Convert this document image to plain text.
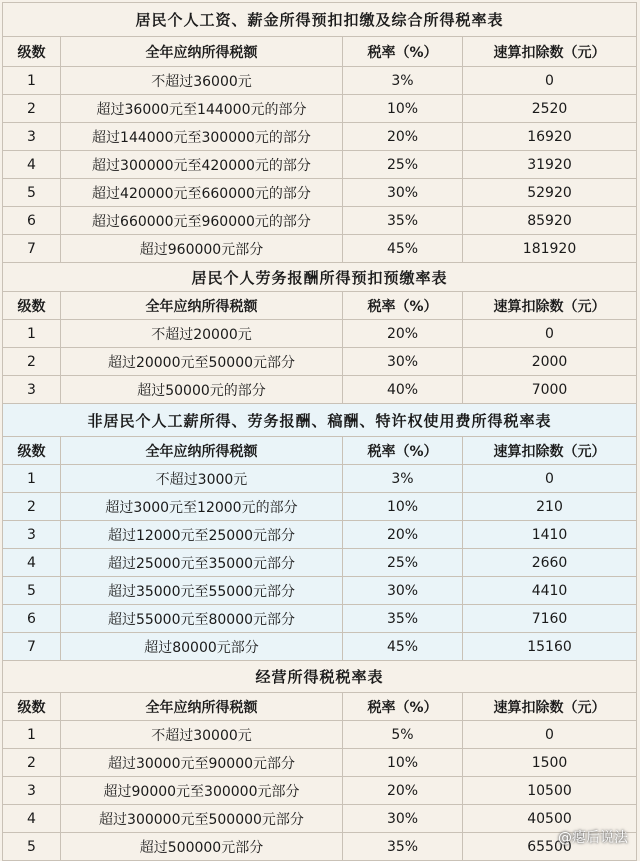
居民个人工资、薪金所得预扣扣缴及综合所得税率表			
级数	全年应纳所得税额	税率（%）	速算扣除数（元）
1	不超过36000元	3%	0
2	超过36000元至144000元的部分	10%	2520
3	超过144000元至300000元的部分	20%	16920
4	超过300000元至420000元的部分	25%	31920
5	超过420000元至660000元的部分	30%	52920
6	超过660000元至960000元的部分	35%	85920
7	超过960000元部分	45%	181920
居民个人劳务报酬所得预扣预缴率表			
级数	全年应纳所得税额	税率（%）	速算扣除数（元）
1	不超过20000元	20%	0
2	超过20000元至50000元部分	30%	2000
3	超过50000元的部分	40%	7000
非居民个人工薪所得、劳务报酬、稿酬、特许权使用费所得税率表			
级数	全年应纳所得税额	税率（%）	速算扣除数（元）
1	不超过3000元	3%	0
2	超过3000元至12000元的部分	10%	210
3	超过12000元至25000元部分	20%	1410
4	超过25000元至35000元部分	25%	2660
5	超过35000元至55000元部分	30%	4410
6	超过55000元至80000元部分	35%	7160
7	超过80000元部分	45%	15160
经营所得税税率表			
级数	全年应纳所得税额	税率（%）	速算扣除数（元）
1	不超过30000元	5%	0
2	超过30000元至90000元部分	10%	1500
3	超过90000元至300000元部分	20%	10500
4	超过300000元至500000元部分	30%	40500
5	超过500000元部分	35%	65500
@瘪后说法
